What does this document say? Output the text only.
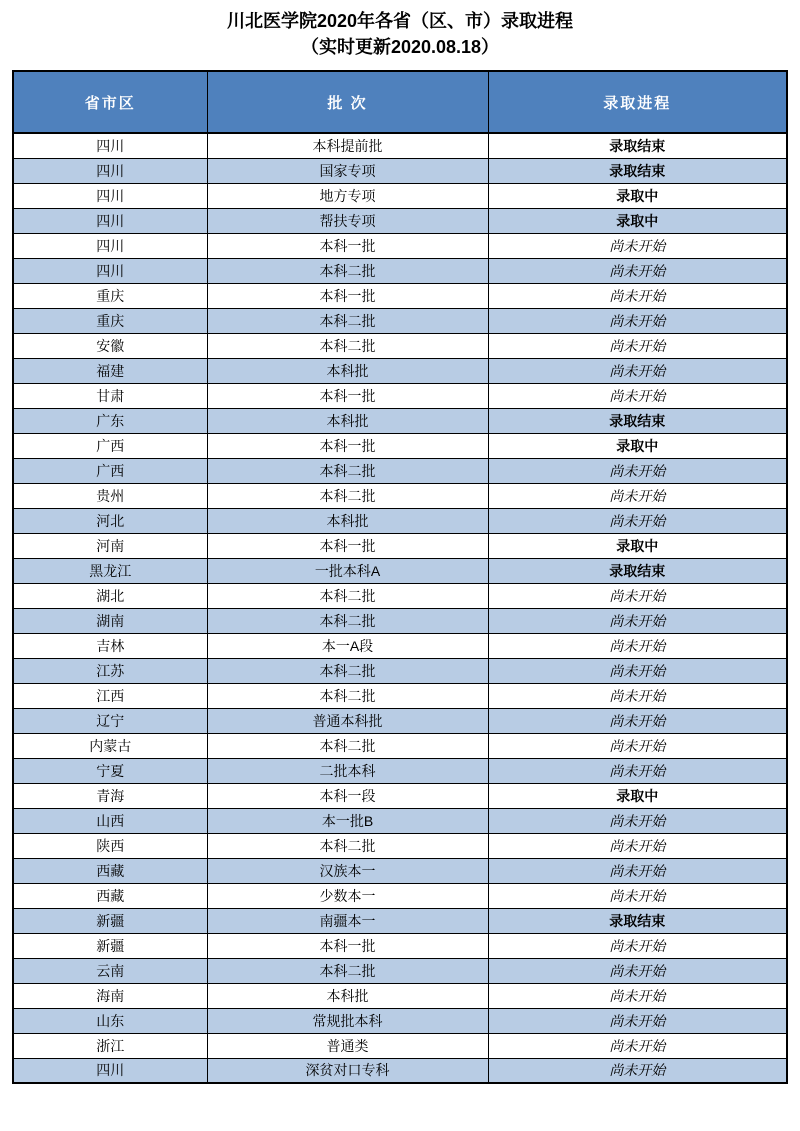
川北医学院2020年各省（区、市）录取进程
（实时更新2020.08.18）
省市区	批 次	录取进程
四川	本科提前批	录取结束
四川	国家专项	录取结束
四川	地方专项	录取中
四川	帮扶专项	录取中
四川	本科一批	尚未开始
四川	本科二批	尚未开始
重庆	本科一批	尚未开始
重庆	本科二批	尚未开始
安徽	本科二批	尚未开始
福建	本科批	尚未开始
甘肃	本科一批	尚未开始
广东	本科批	录取结束
广西	本科一批	录取中
广西	本科二批	尚未开始
贵州	本科二批	尚未开始
河北	本科批	尚未开始
河南	本科一批	录取中
黑龙江	一批本科A	录取结束
湖北	本科二批	尚未开始
湖南	本科二批	尚未开始
吉林	本一A段	尚未开始
江苏	本科二批	尚未开始
江西	本科二批	尚未开始
辽宁	普通本科批	尚未开始
内蒙古	本科二批	尚未开始
宁夏	二批本科	尚未开始
青海	本科一段	录取中
山西	本一批B	尚未开始
陕西	本科二批	尚未开始
西藏	汉族本一	尚未开始
西藏	少数本一	尚未开始
新疆	南疆本一	录取结束
新疆	本科一批	尚未开始
云南	本科二批	尚未开始
海南	本科批	尚未开始
山东	常规批本科	尚未开始
浙江	普通类	尚未开始
四川	深贫对口专科	尚未开始
